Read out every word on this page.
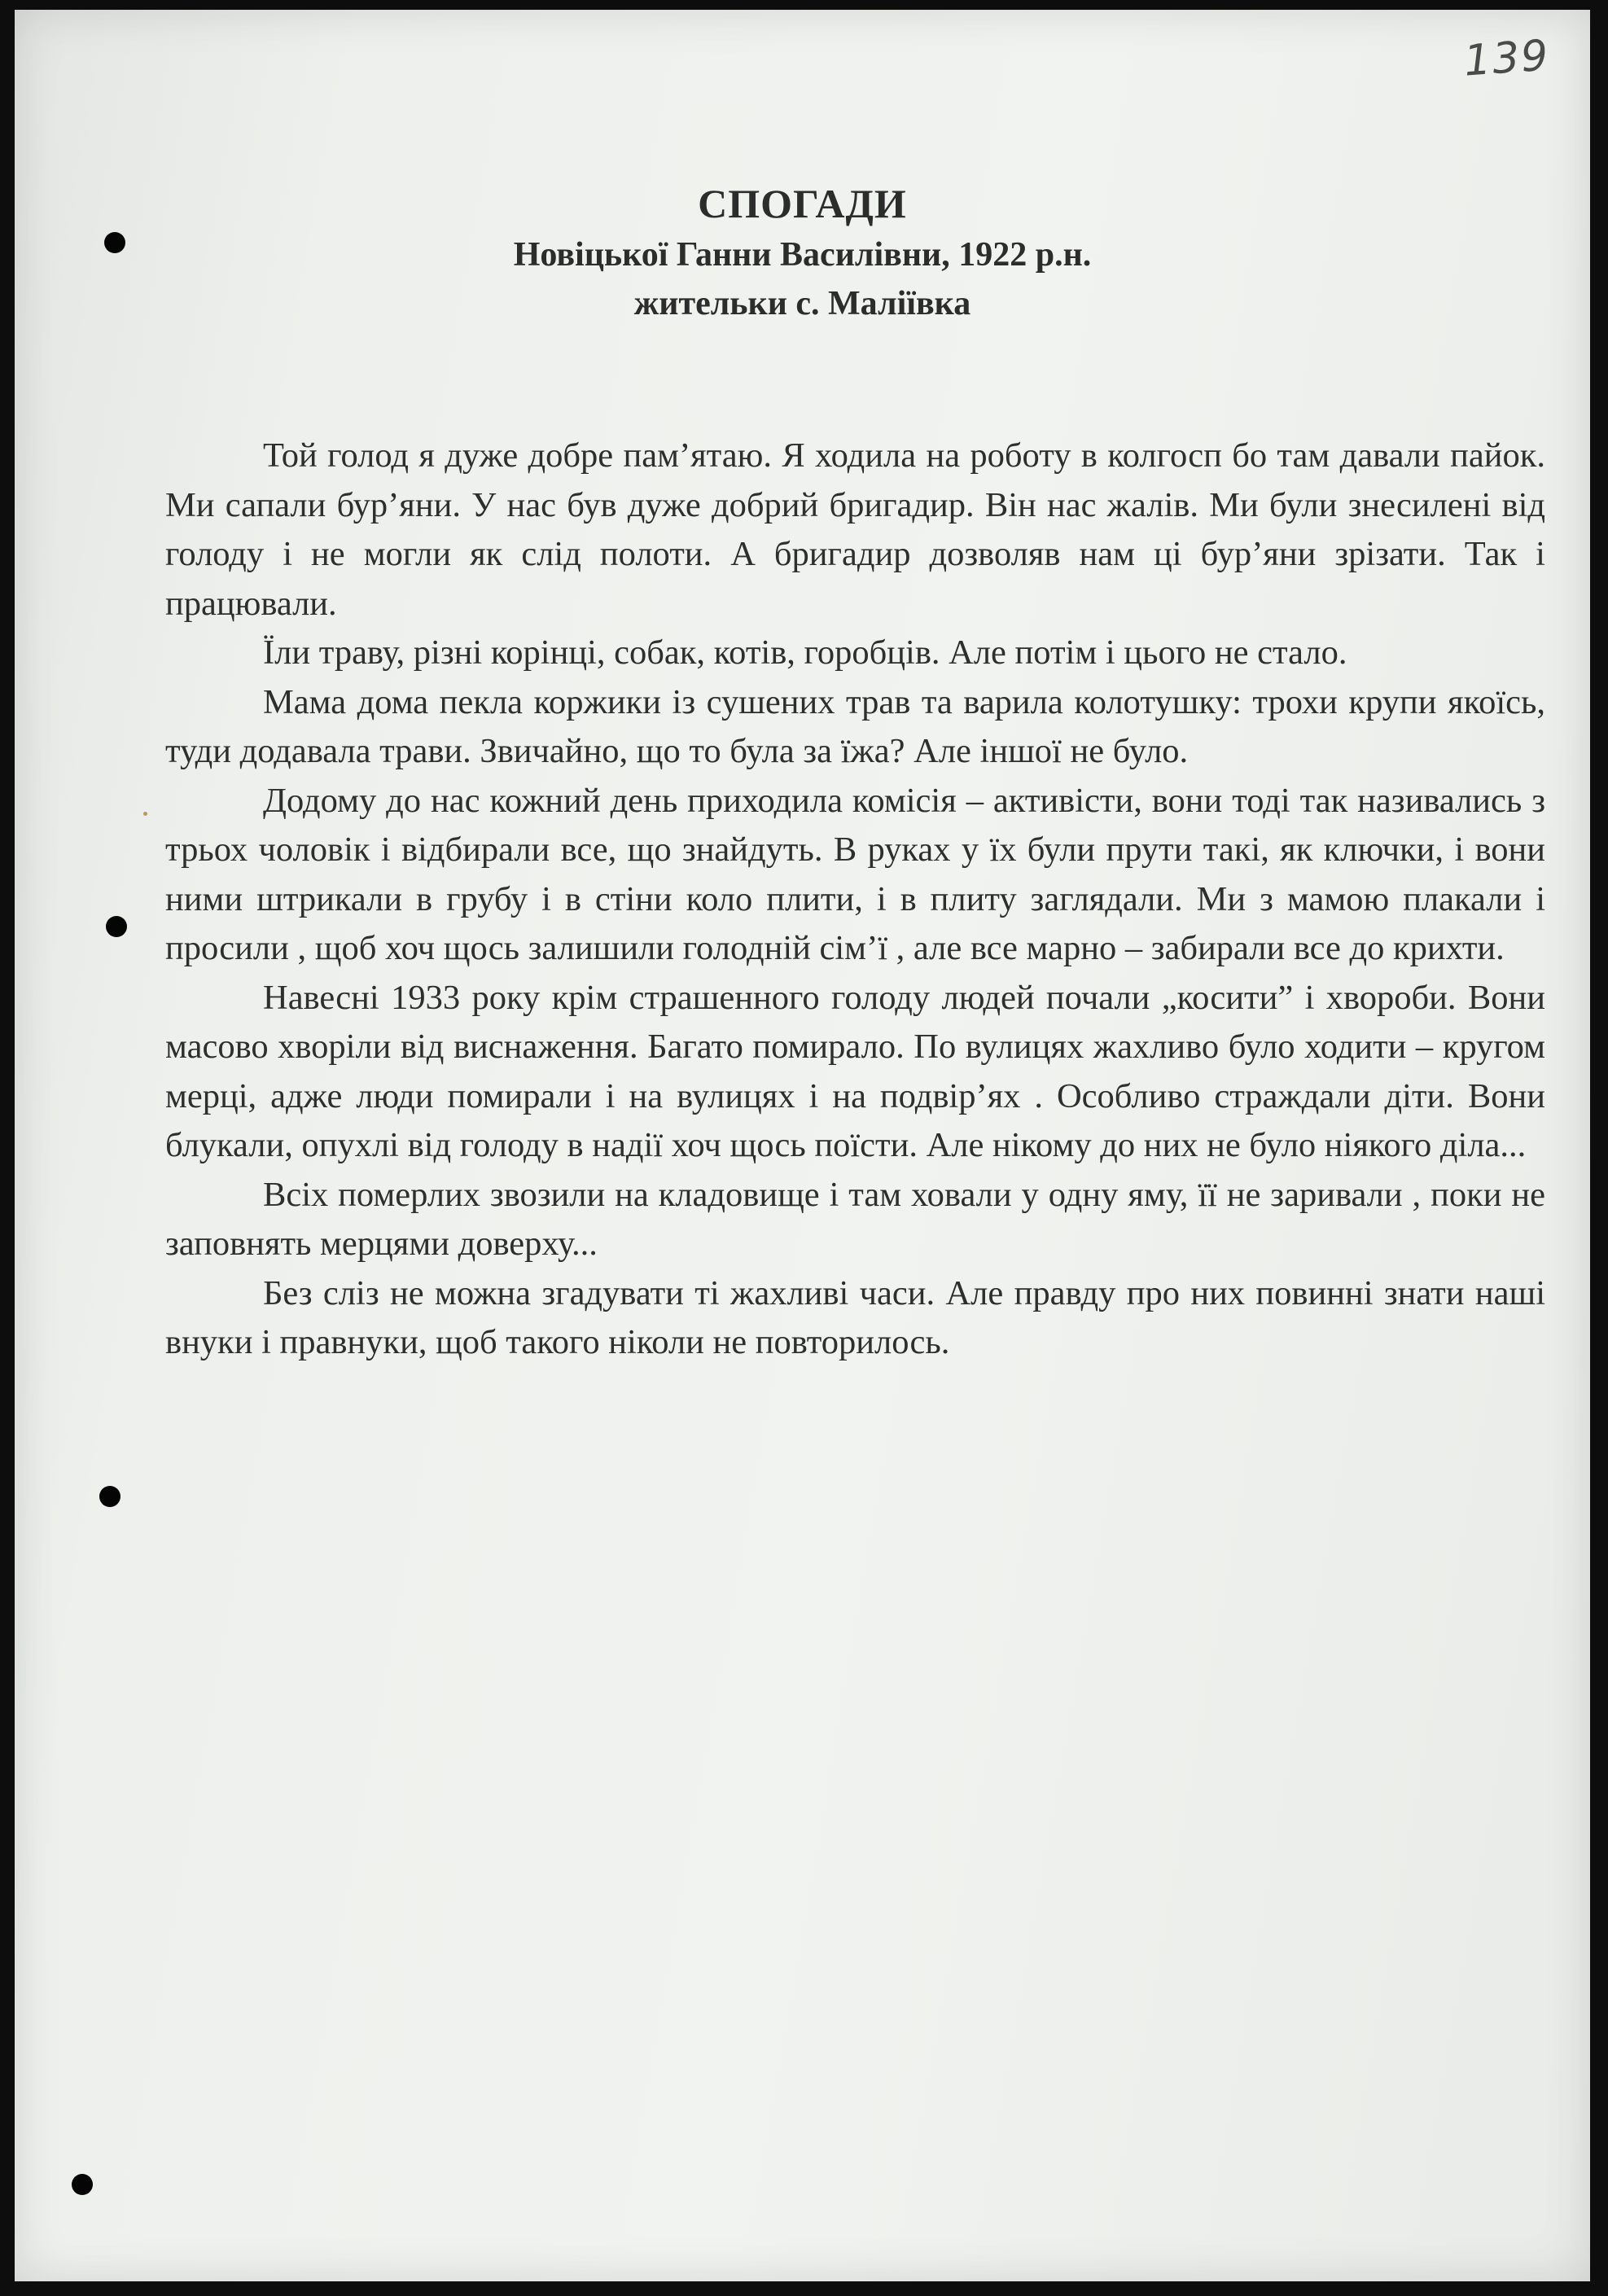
139
СПОГАДИ
Новіцької Ганни Василівни, 1922 р.н.
жительки с. Маліївка

Той голод я дуже добре пам’ятаю. Я ходила на роботу в колгосп бо там давали пайок. Ми сапали бур’яни. У нас був дуже добрий бригадир. Він нас жалів. Ми були знесилені від голоду і не могли як слід полоти. А бригадир дозволяв нам ці бур’яни зрізати. Так і працювали.

Їли траву, різні корінці, собак, котів, горобців. Але потім і цього не стало.

Мама дома пекла коржики із сушених трав та варила колотушку: трохи крупи якоїсь, туди додавала трави. Звичайно, що то була за їжа? Але іншої не було.

Додому до нас кожний день приходила комісія – активісти, вони тоді так називались з трьох чоловік і відбирали все, що знайдуть. В руках у їх були прути такі, як ключки, і вони ними штрикали в грубу і в стіни коло плити, і в плиту заглядали. Ми з мамою плакали і просили , щоб хоч щось залишили голодній сім’ї , але все марно – забирали все до крихти.

Навесні 1933 року крім страшенного голоду людей почали „косити” і хвороби. Вони масово хворіли від виснаження. Багато помирало. По вулицях жахливо було ходити – кругом мерці, адже люди помирали і на вулицях і на подвір’ях . Особливо страждали діти. Вони блукали, опухлі від голоду в надії хоч щось поїсти. Але нікому до них не було ніякого діла...

Всіх померлих звозили на кладовище і там ховали у одну яму, її не заривали , поки не заповнять мерцями доверху...

Без сліз не можна згадувати ті жахливі часи. Але правду про них повинні знати наші внуки і правнуки, щоб такого ніколи не повторилось.
